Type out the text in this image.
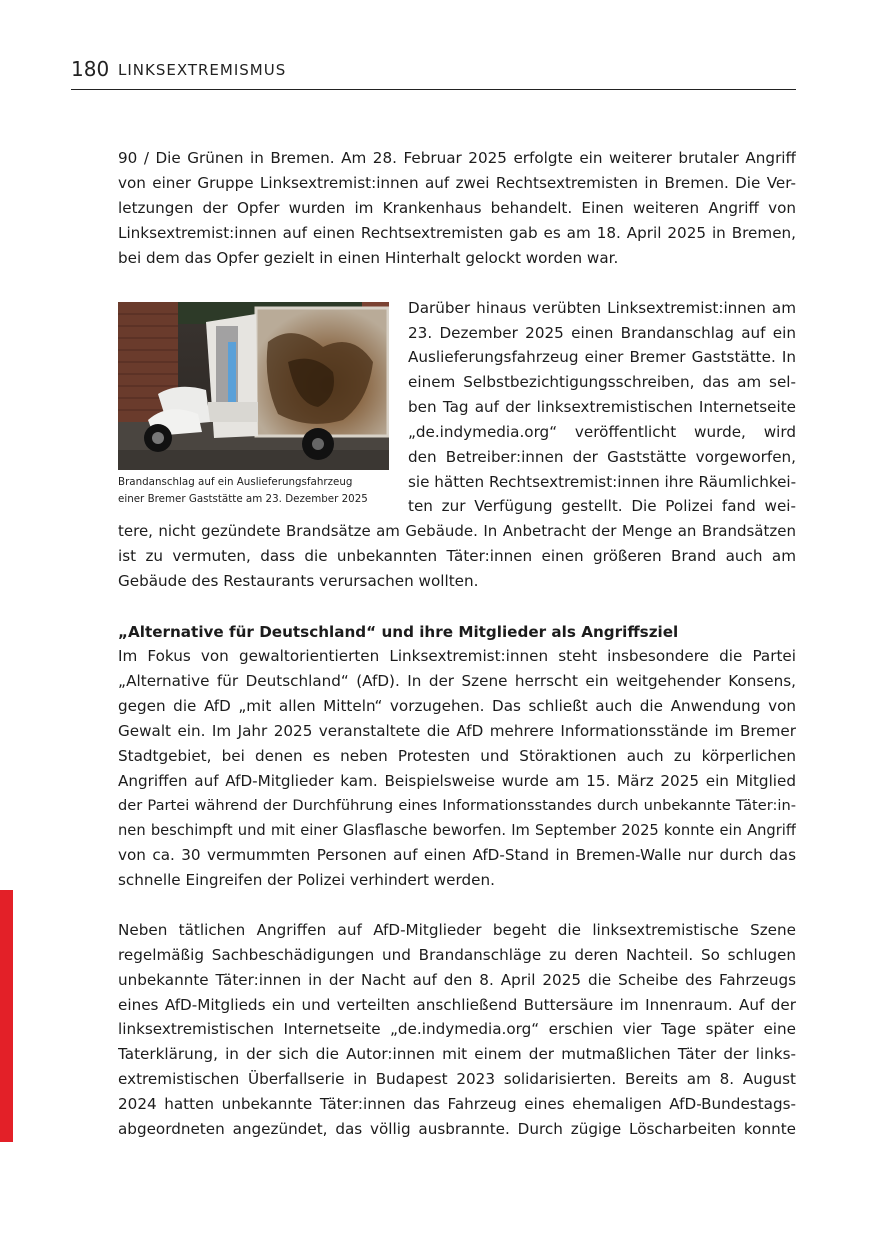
180 LINKSEXTREMISMUS
90 / Die Grünen in Bremen. Am 28. Februar 2025 erfolgte ein weiterer brutaler Angriff
von einer Gruppe Linksextremist:innen auf zwei Rechtsextremisten in Bremen. Die Ver-
letzungen der Opfer wurden im Krankenhaus behandelt. Einen weiteren Angriff von
Linksextremist:innen auf einen Rechtsextremisten gab es am 18. April 2025 in Bremen,
bei dem das Opfer gezielt in einen Hinterhalt gelockt worden war.
Darüber hinaus verübten Linksextremist:innen am
23. Dezember 2025 einen Brandanschlag auf ein
Auslieferungsfahrzeug einer Bremer Gaststätte. In
einem Selbstbezichtigungsschreiben, das am sel-
ben Tag auf der linksextremistischen Internetseite
„de.indymedia.org“ veröffentlicht wurde, wird
den Betreiber:innen der Gaststätte vorgeworfen,
sie hätten Rechtsextremist:innen ihre Räumlichkei-
ten zur Verfügung gestellt. Die Polizei fand wei-
Brandanschlag auf ein Auslieferungsfahrzeug
einer Bremer Gaststätte am 23. Dezember 2025
tere, nicht gezündete Brandsätze am Gebäude. In Anbetracht der Menge an Brandsätzen
ist zu vermuten, dass die unbekannten Täter:innen einen größeren Brand auch am
Gebäude des Restaurants verursachen wollten.
„Alternative für Deutschland“ und ihre Mitglieder als Angriffsziel
Im Fokus von gewaltorientierten Linksextremist:innen steht insbesondere die Partei
„Alternative für Deutschland“ (AfD). In der Szene herrscht ein weitgehender Konsens,
gegen die AfD „mit allen Mitteln“ vorzugehen. Das schließt auch die Anwendung von
Gewalt ein. Im Jahr 2025 veranstaltete die AfD mehrere Informationsstände im Bremer
Stadtgebiet, bei denen es neben Protesten und Störaktionen auch zu körperlichen
Angriffen auf AfD-Mitglieder kam. Beispielsweise wurde am 15. März 2025 ein Mitglied
der Partei während der Durchführung eines Informationsstandes durch unbekannte Täter:in-
nen beschimpft und mit einer Glasflasche beworfen. Im September 2025 konnte ein Angriff
von ca. 30 vermummten Personen auf einen AfD-Stand in Bremen-Walle nur durch das
schnelle Eingreifen der Polizei verhindert werden.
Neben tätlichen Angriffen auf AfD-Mitglieder begeht die linksextremistische Szene
regelmäßig Sachbeschädigungen und Brandanschläge zu deren Nachteil. So schlugen
unbekannte Täter:innen in der Nacht auf den 8. April 2025 die Scheibe des Fahrzeugs
eines AfD-Mitglieds ein und verteilten anschließend Buttersäure im Innenraum. Auf der
linksextremistischen Internetseite „de.indymedia.org“ erschien vier Tage später eine
Taterklärung, in der sich die Autor:innen mit einem der mutmaßlichen Täter der links-
extremistischen Überfallserie in Budapest 2023 solidarisierten. Bereits am 8. August
2024 hatten unbekannte Täter:innen das Fahrzeug eines ehemaligen AfD-Bundestags-
abgeordneten angezündet, das völlig ausbrannte. Durch zügige Löscharbeiten konnte
